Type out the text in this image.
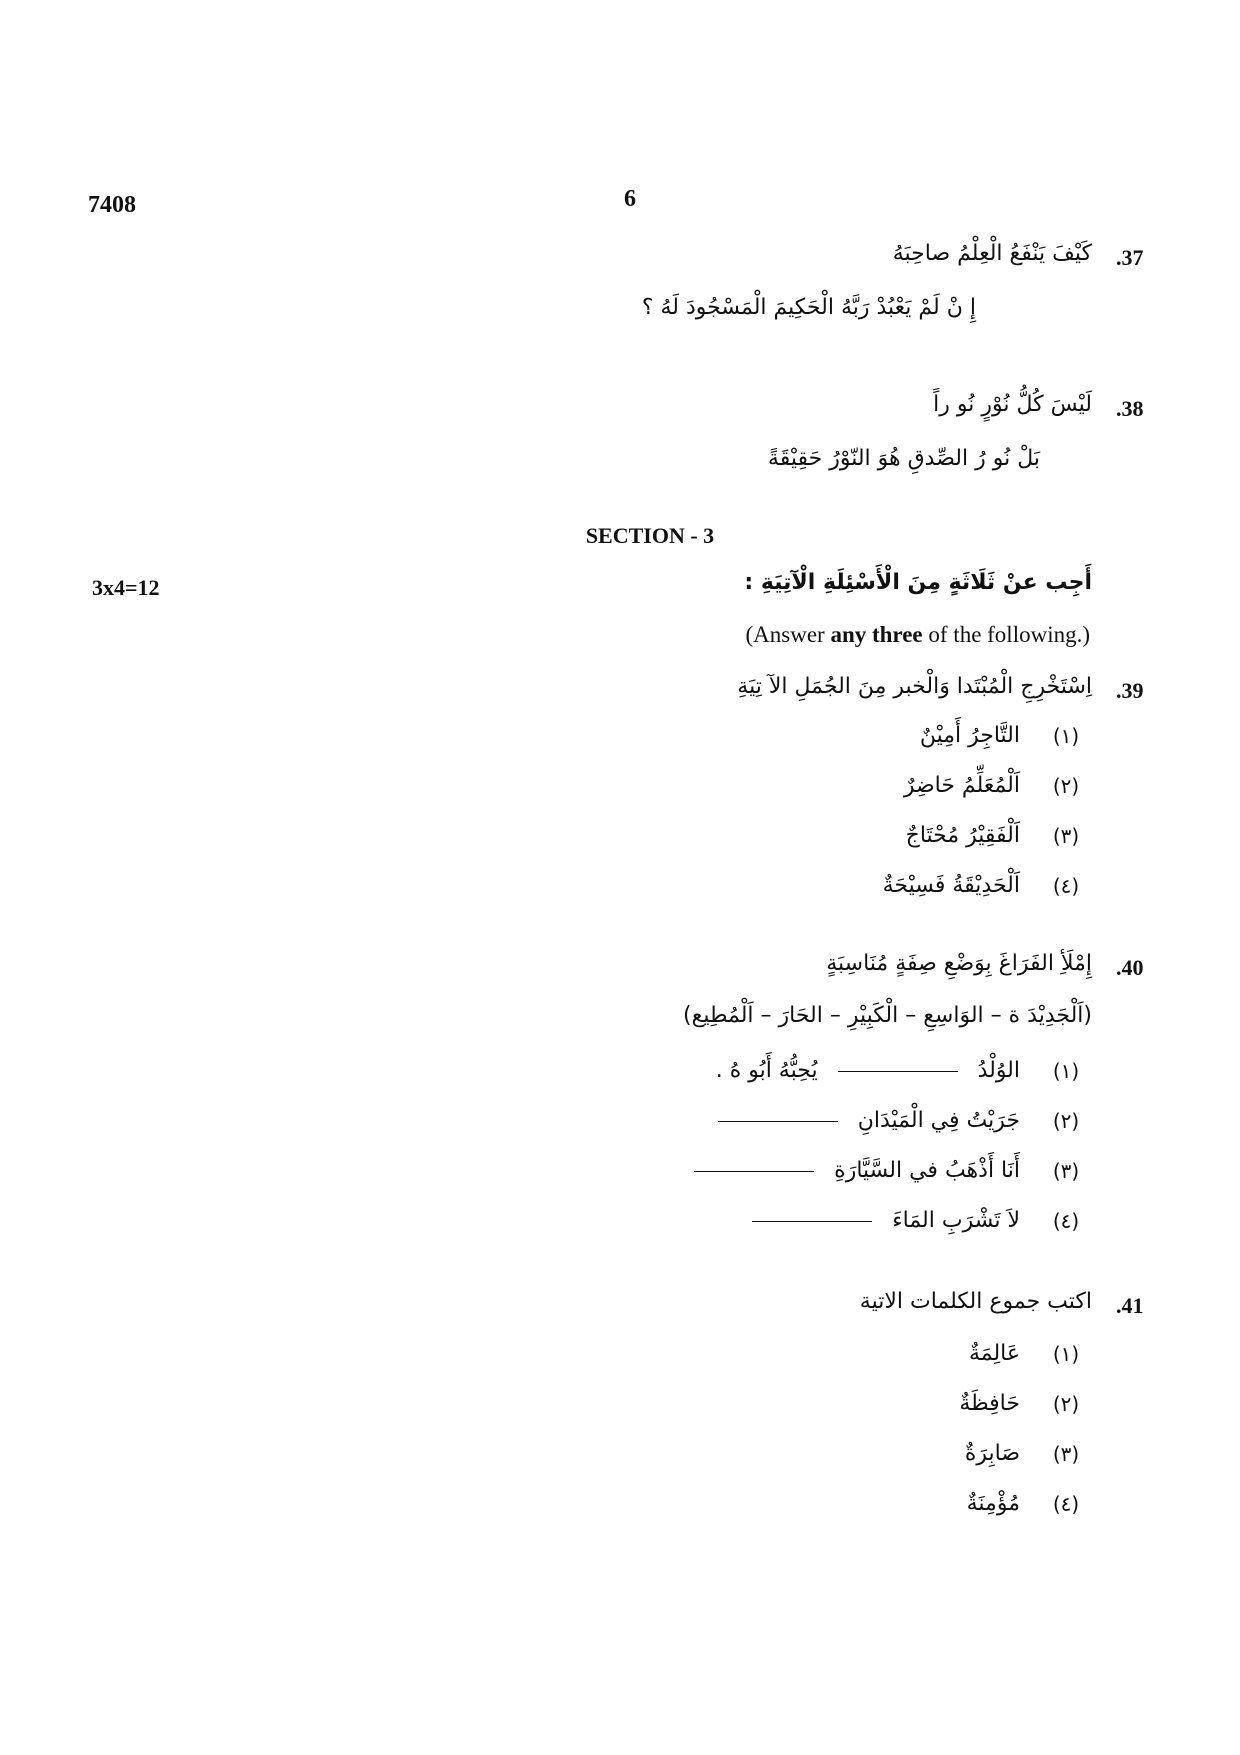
7408	6
.37
كَيْفَ يَنْفَعُ الْعِلْمُ صاحِبَهُ
إِ نْ لَمْ يَعْبُدْ رَبَّهُ الْحَكِيمَ الْمَسْجُودَ لَهُ ؟
.38
لَيْسَ كُلُّ نُوْرٍ نُو راً
بَلْ نُو رُ الصِّدقِ هُوَ النّوْرُ حَقِيْقَةً
SECTION - 3
3x4=12	أَجِب عنْ ثَلَاثَةٍ مِنَ الْأَسْئِلَةِ الْآتِيَةِ :
(Answer any three of the following.)
.39
اِسْتَخْرِجِ الْمُبْتَدا وَالْخبر مِنَ الجُمَلِ الآ تِيَةِ
(١)
التَّاجِرُ أَمِيْنٌ
(٢)
اَلْمُعَلِّمُ حَاضِرٌ
(٣)
اَلْفَقِيْرُ مُحْتَاجٌ
(٤)
اَلْحَدِيْقَةُ فَسِيْحَةٌ
.40
إِمْلَأِ الفَرَاغَ بِوَضْعِ صِفَةٍ مُنَاسِبَةٍ
(اَلْجَدِيْدَ ة – الوَاسِعِ – الْكَبِيْرِ – الحَارَ – اَلْمُطِيع)
(١)
الوُلْدُ
يُحِبُّهُ أَبُو هُ .
(٢)
جَرَيْتُ فِي الْمَيْدَانِ
(٣)
أَنَا أَذْهَبُ في السَّيَّارَةِ
(٤)
لاَ تَشْرَبِ المَاءَ
.41
اكتب جموع الكلمات الاتية
(١)
عَالِمَةٌ
(٢)
حَافِظَةٌ
(٣)
صَابِرَةٌ
(٤)
مُؤْمِنَةٌ
